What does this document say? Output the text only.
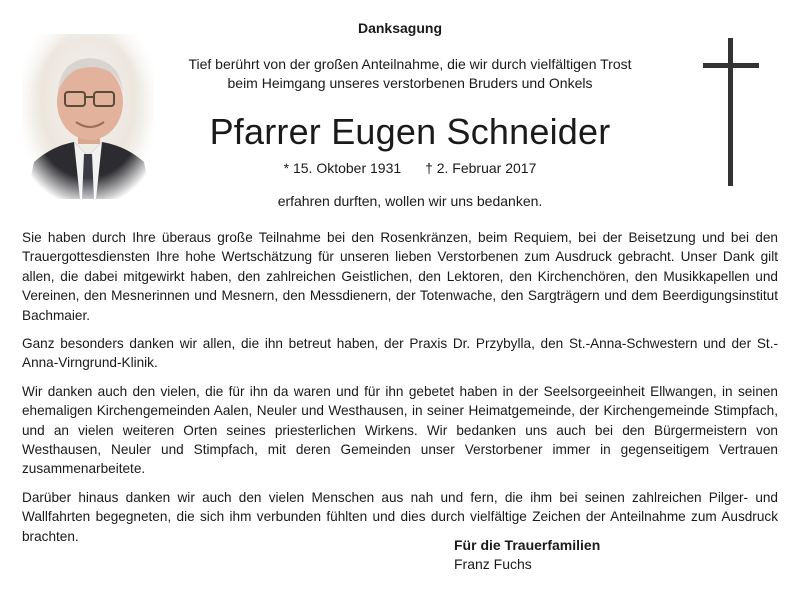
Danksagung
Tief berührt von der großen Anteilnahme, die wir durch vielfältigen Trost
beim Heimgang unseres verstorbenen Bruders und Onkels
Pfarrer Eugen Schneider
* 15. Oktober 1931 † 2. Februar 2017
erfahren durften, wollen wir uns bedanken.

Sie haben durch Ihre überaus große Teilnahme bei den Rosenkränzen, beim Requiem, bei der Beisetzung und bei den Trauergottesdiensten Ihre hohe Wertschätzung für unseren lieben Verstorbenen zum Ausdruck gebracht. Unser Dank gilt allen, die dabei mitgewirkt haben, den zahlreichen Geistlichen, den Lektoren, den Kirchenchören, den Musikkapellen und Vereinen, den Mesnerinnen und Mesnern, den Messdienern, der Totenwache, den Sargträgern und dem Beerdigungsinstitut Bachmaier.

Ganz besonders danken wir allen, die ihn betreut haben, der Praxis Dr. Przybylla, den St.-Anna-Schwestern und der St.-Anna-Virngrund-Klinik.

Wir danken auch den vielen, die für ihn da waren und für ihn gebetet haben in der Seelsorgeeinheit Ellwangen, in seinen ehemaligen Kirchengemeinden Aalen, Neuler und Westhausen, in seiner Heimatgemeinde, der Kirchengemeinde Stimpfach, und an vielen weiteren Orten seines priesterlichen Wirkens. Wir bedanken uns auch bei den Bürgermeistern von Westhausen, Neuler und Stimpfach, mit deren Gemeinden unser Verstorbener immer in gegenseitigem Vertrauen zusammenarbeitete.

Darüber hinaus danken wir auch den vielen Menschen aus nah und fern, die ihm bei seinen zahlreichen Pilger- und Wallfahrten begegneten, die sich ihm verbunden fühlten und dies durch vielfältige Zeichen der Anteilnahme zum Ausdruck brachten.

Für die Trauerfamilien
Franz Fuchs
